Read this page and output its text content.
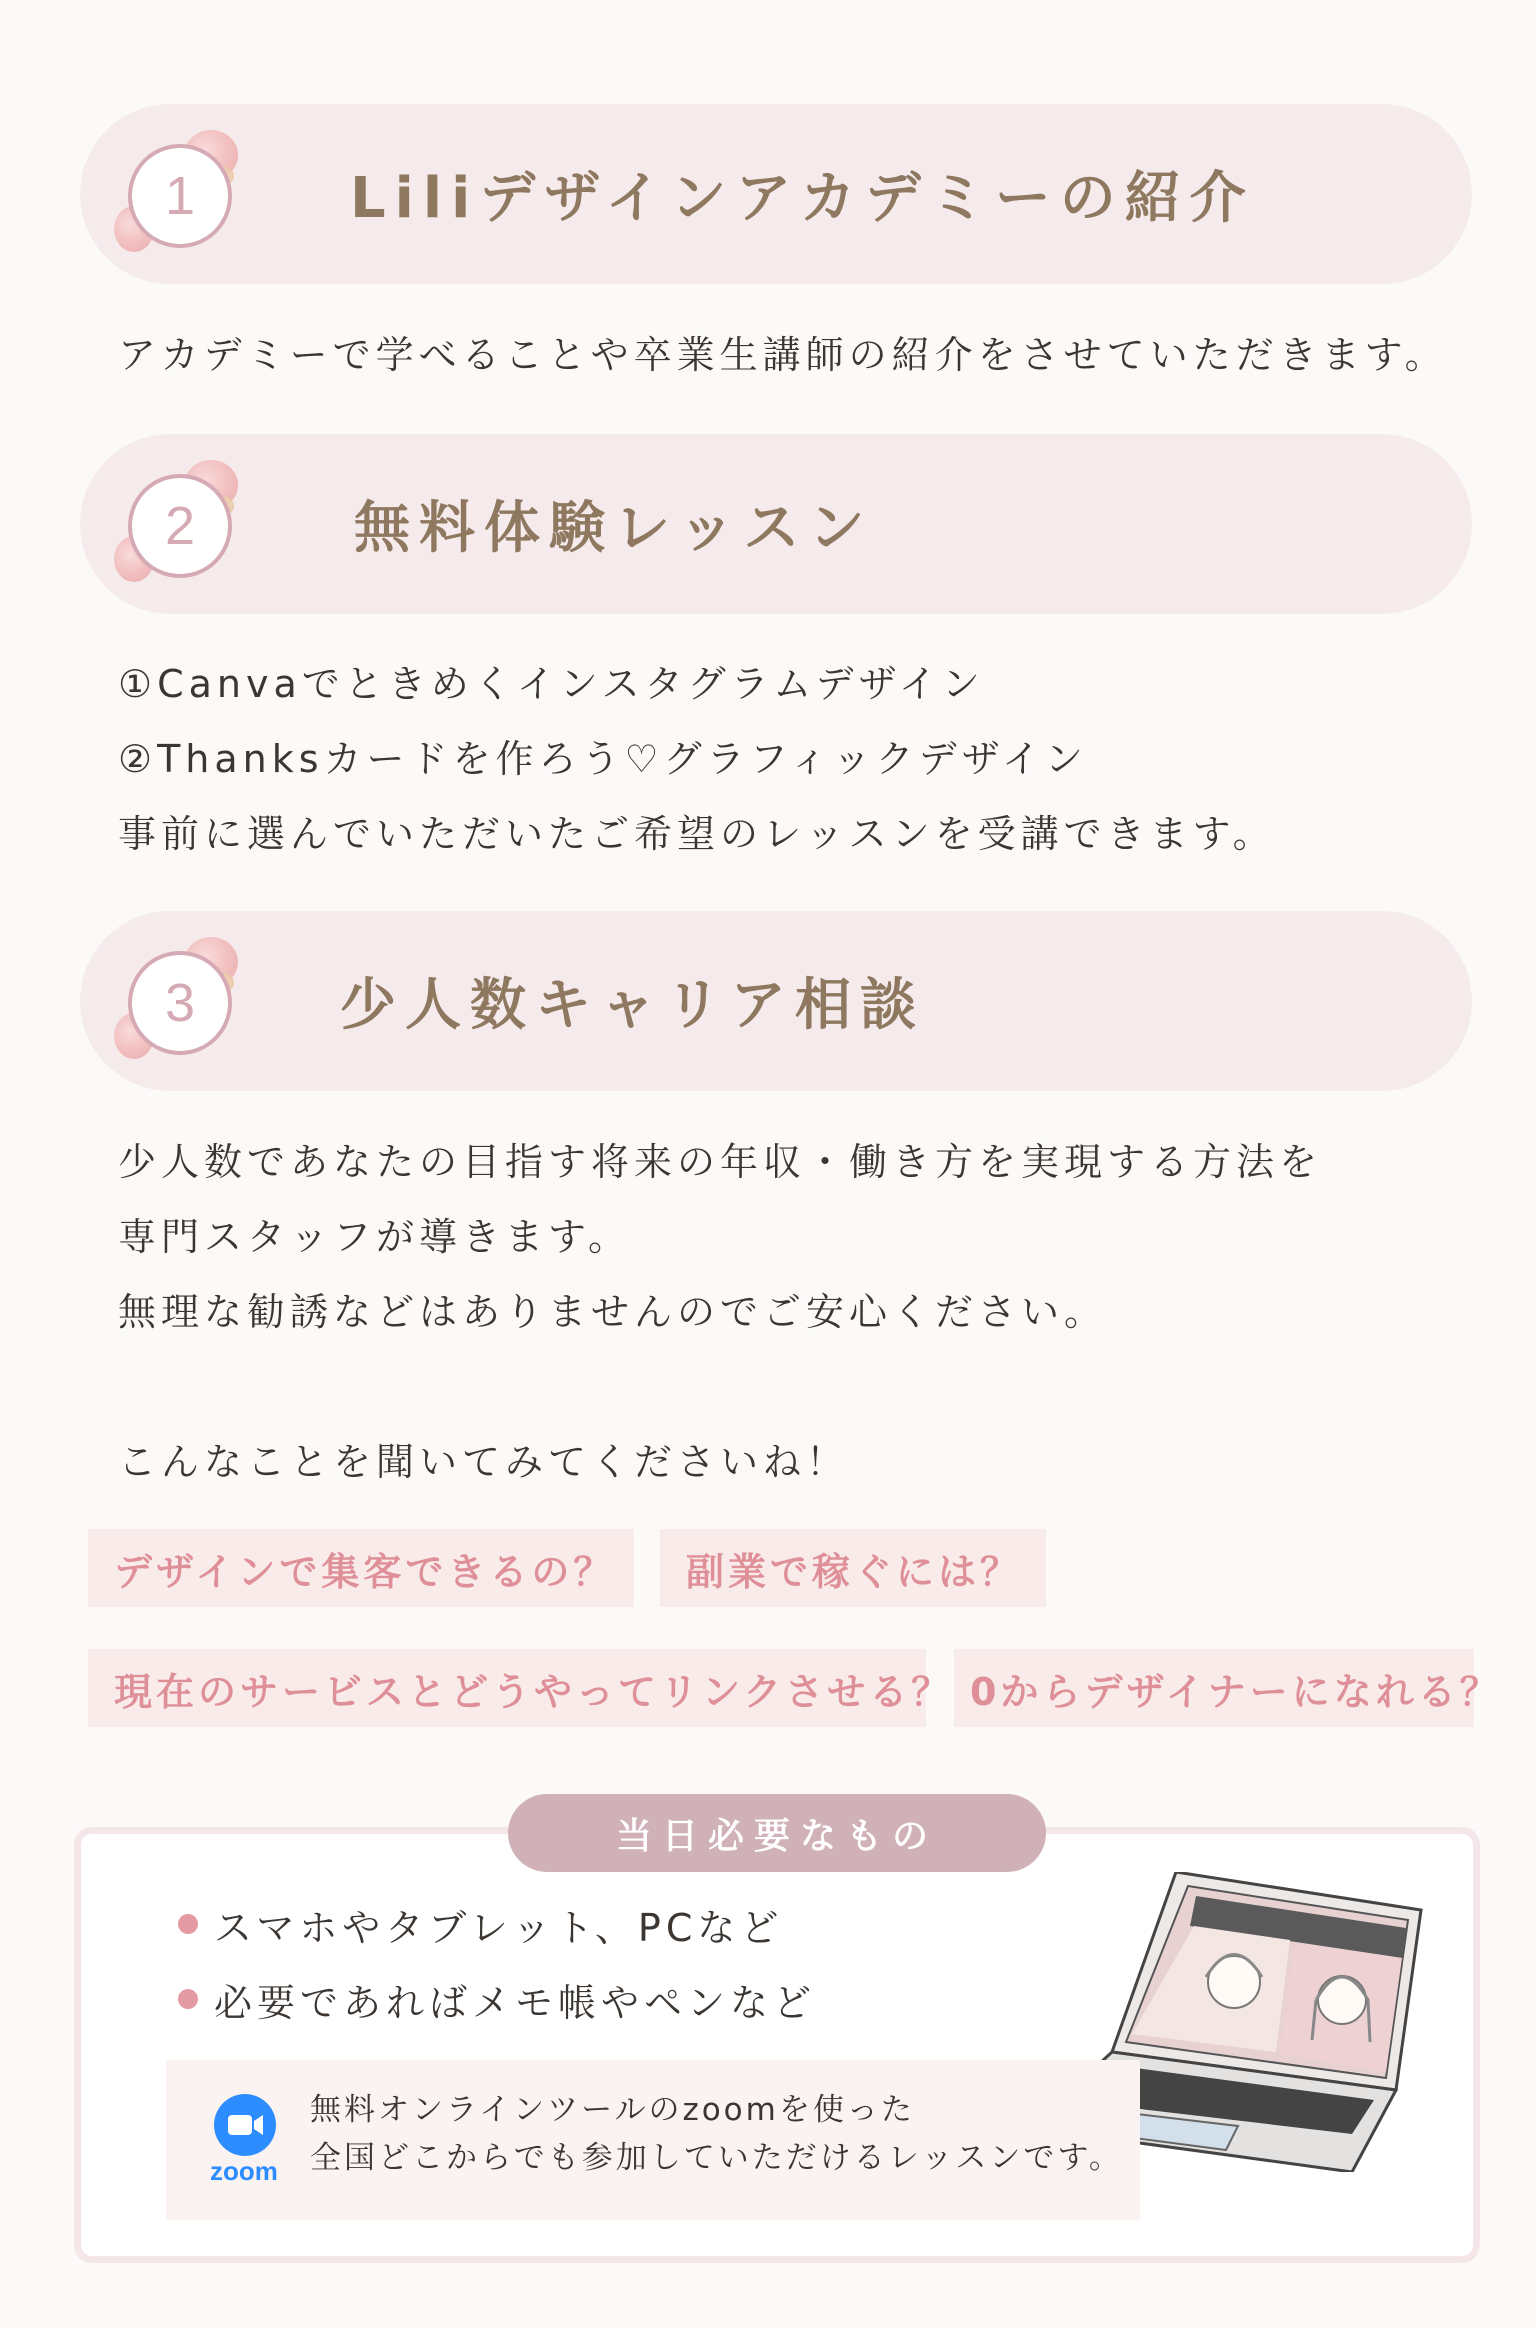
1	Liliデザインアカデミーの紹介
アカデミーで学べることや卒業生講師の紹介をさせていただきます。
2	無料体験レッスン
①Canvaでときめくインスタグラムデザイン
②Thanksカードを作ろう♡グラフィックデザイン
事前に選んでいただいたご希望のレッスンを受講できます。
3	少人数キャリア相談
少人数であなたの目指す将来の年収・働き方を実現する方法を
専門スタッフが導きます。
無理な勧誘などはありませんのでご安心ください。
こんなことを聞いてみてくださいね！
デザインで集客できるの？	副業で稼ぐには？
現在のサービスとどうやってリンクさせる？ 0からデザイナーになれる？
当日必要なもの
スマホやタブレット、PCなど
必要であればメモ帳やペンなど
zoom
無料オンラインツールのzoomを使った
全国どこからでも参加していただけるレッスンです。
